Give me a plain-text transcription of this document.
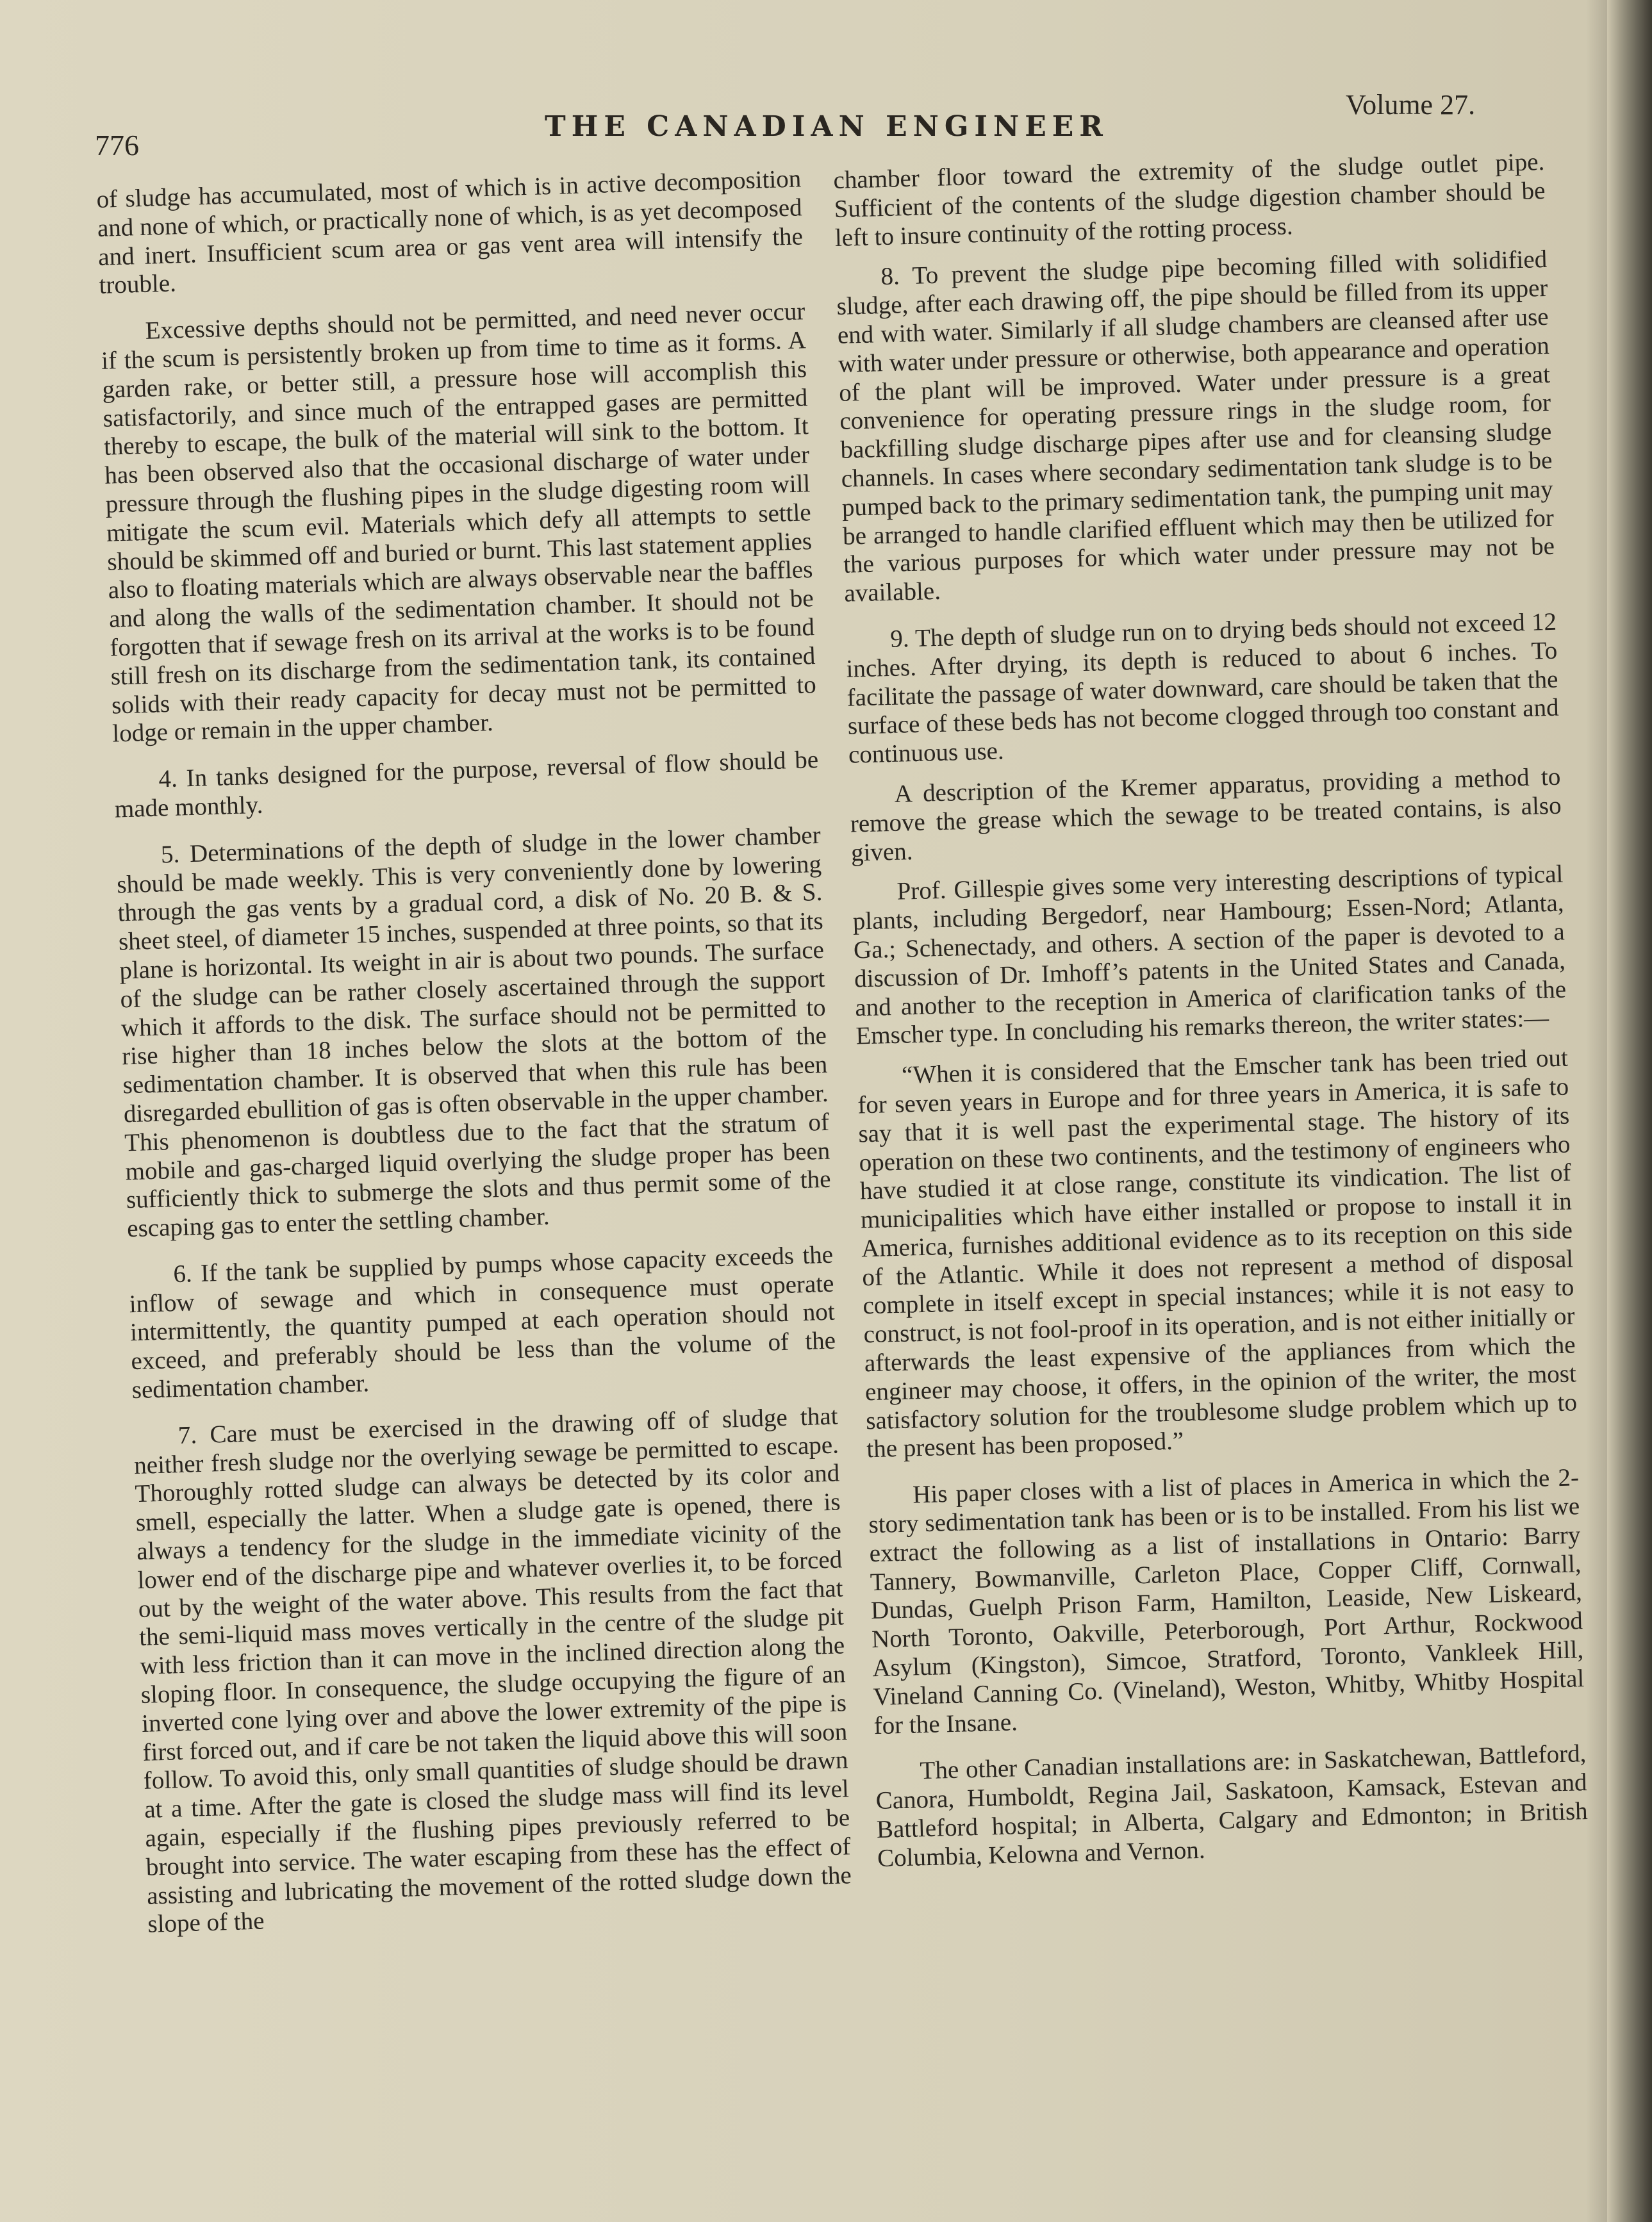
776
THE CANADIAN ENGINEER
Volume 27.

of sludge has accumulated, most of which is in active decomposition and none of which, or practically none of which, is as yet decomposed and inert. Insufficient scum area or gas vent area will intensify the trouble.

Excessive depths should not be permitted, and need never occur if the scum is persistently broken up from time to time as it forms. A garden rake, or better still, a pressure hose will accomplish this satisfactorily, and since much of the entrapped gases are permitted thereby to escape, the bulk of the material will sink to the bottom. It has been observed also that the occasional discharge of water under pressure through the flushing pipes in the sludge digesting room will mitigate the scum evil. Materials which defy all attempts to settle should be skimmed off and buried or burnt. This last statement applies also to floating materials which are always observable near the baffles and along the walls of the sedimentation chamber. It should not be forgotten that if sewage fresh on its arrival at the works is to be found still fresh on its discharge from the sedimentation tank, its contained solids with their ready capacity for decay must not be permitted to lodge or remain in the upper chamber.

4. In tanks designed for the purpose, reversal of flow should be made monthly.

5. Determinations of the depth of sludge in the lower chamber should be made weekly. This is very conveniently done by lowering through the gas vents by a gradual cord, a disk of No. 20 B. & S. sheet steel, of diameter 15 inches, suspended at three points, so that its plane is horizontal. Its weight in air is about two pounds. The surface of the sludge can be rather closely ascertained through the support which it affords to the disk. The surface should not be permitted to rise higher than 18 inches below the slots at the bottom of the sedimentation chamber. It is observed that when this rule has been disregarded ebullition of gas is often observable in the upper chamber. This phenomenon is doubtless due to the fact that the stratum of mobile and gas-charged liquid overlying the sludge proper has been sufficiently thick to submerge the slots and thus permit some of the escaping gas to enter the settling chamber.

6. If the tank be supplied by pumps whose capacity exceeds the inflow of sewage and which in consequence must operate intermittently, the quantity pumped at each operation should not exceed, and preferably should be less than the volume of the sedimentation chamber.

7. Care must be exercised in the drawing off of sludge that neither fresh sludge nor the overlying sewage be permitted to escape. Thoroughly rotted sludge can always be detected by its color and smell, especially the latter. When a sludge gate is opened, there is always a tendency for the sludge in the immediate vicinity of the lower end of the discharge pipe and whatever overlies it, to be forced out by the weight of the water above. This results from the fact that the semi-liquid mass moves vertically in the centre of the sludge pit with less friction than it can move in the inclined direction along the sloping floor. In consequence, the sludge occupying the figure of an inverted cone lying over and above the lower extremity of the pipe is first forced out, and if care be not taken the liquid above this will soon follow. To avoid this, only small quantities of sludge should be drawn at a time. After the gate is closed the sludge mass will find its level again, especially if the flushing pipes previously referred to be brought into service. The water escaping from these has the effect of assisting and lubricating the movement of the rotted sludge down the slope of the

chamber floor toward the extremity of the sludge outlet pipe. Sufficient of the contents of the sludge digestion chamber should be left to insure continuity of the rotting process.

8. To prevent the sludge pipe becoming filled with solidified sludge, after each drawing off, the pipe should be filled from its upper end with water. Similarly if all sludge chambers are cleansed after use with water under pressure or otherwise, both appearance and operation of the plant will be improved. Water under pressure is a great convenience for operating pressure rings in the sludge room, for backfilling sludge discharge pipes after use and for cleansing sludge channels. In cases where secondary sedimentation tank sludge is to be pumped back to the primary sedimentation tank, the pumping unit may be arranged to handle clarified effluent which may then be utilized for the various purposes for which water under pressure may not be available.

9. The depth of sludge run on to drying beds should not exceed 12 inches. After drying, its depth is reduced to about 6 inches. To facilitate the passage of water downward, care should be taken that the surface of these beds has not become clogged through too constant and continuous use.

A description of the Kremer apparatus, providing a method to remove the grease which the sewage to be treated contains, is also given.

Prof. Gillespie gives some very interesting descriptions of typical plants, including Bergedorf, near Hambourg; Essen-Nord; Atlanta, Ga.; Schenectady, and others. A section of the paper is devoted to a discussion of Dr. Imhoff’s patents in the United States and Canada, and another to the reception in America of clarification tanks of the Emscher type. In concluding his remarks thereon, the writer states:—

“When it is considered that the Emscher tank has been tried out for seven years in Europe and for three years in America, it is safe to say that it is well past the experimental stage. The history of its operation on these two continents, and the testimony of engineers who have studied it at close range, constitute its vindication. The list of municipalities which have either installed or propose to install it in America, furnishes additional evidence as to its reception on this side of the Atlantic. While it does not represent a method of disposal complete in itself except in special instances; while it is not easy to construct, is not fool-proof in its operation, and is not either initially or afterwards the least expensive of the appliances from which the engineer may choose, it offers, in the opinion of the writer, the most satisfactory solution for the troublesome sludge problem which up to the present has been proposed.”

His paper closes with a list of places in America in which the 2-story sedimentation tank has been or is to be installed. From his list we extract the following as a list of installations in Ontario: Barry Tannery, Bowmanville, Carleton Place, Copper Cliff, Cornwall, Dundas, Guelph Prison Farm, Hamilton, Leaside, New Liskeard, North Toronto, Oakville, Peterborough, Port Arthur, Rockwood Asylum (Kingston), Simcoe, Stratford, Toronto, Vankleek Hill, Vineland Canning Co. (Vineland), Weston, Whitby, Whitby Hospital for the Insane.

The other Canadian installations are: in Saskatchewan, Battleford, Canora, Humboldt, Regina Jail, Saskatoon, Kamsack, Estevan and Battleford hospital; in Alberta, Calgary and Edmonton; in British Columbia, Kelowna and Vernon.
